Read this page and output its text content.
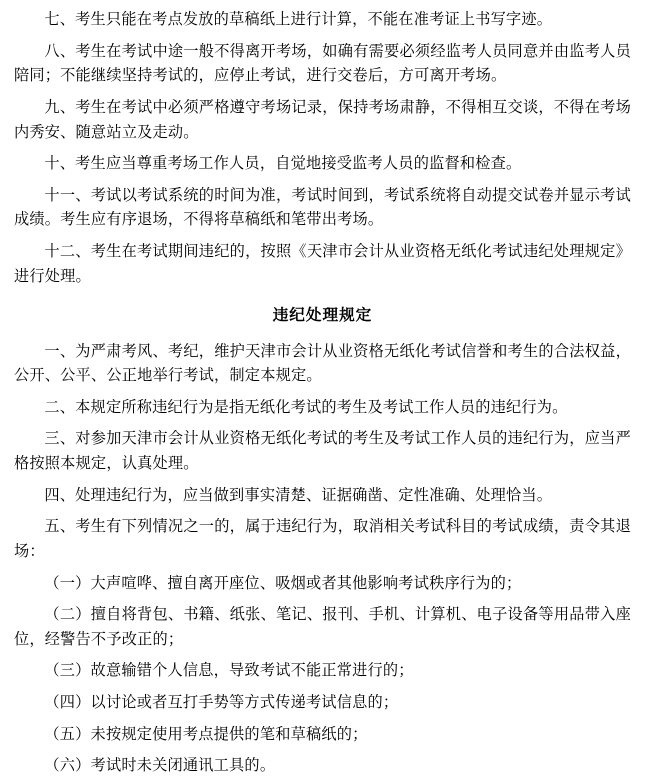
七、考生只能在考点发放的草稿纸上进行计算，不能在准考证上书写字迹。

八、考生在考试中途一般不得离开考场，如确有需要必须经监考人员同意并由监考人员陪同；不能继续坚持考试的，应停止考试，进行交卷后，方可离开考场。

九、考生在考试中必须严格遵守考场记录，保持考场肃静，不得相互交谈，不得在考场内秀安、随意站立及走动。

十、考生应当尊重考场工作人员，自觉地接受监考人员的监督和检查。

十一、考试以考试系统的时间为准，考试时间到，考试系统将自动提交试卷并显示考试成绩。考生应有序退场，不得将草稿纸和笔带出考场。

十二、考生在考试期间违纪的，按照《天津市会计从业资格无纸化考试违纪处理规定》进行处理。

违纪处理规定

一、为严肃考风、考纪，维护天津市会计从业资格无纸化考试信誉和考生的合法权益，公开、公平、公正地举行考试，制定本规定。

二、本规定所称违纪行为是指无纸化考试的考生及考试工作人员的违纪行为。

三、对参加天津市会计从业资格无纸化考试的考生及考试工作人员的违纪行为，应当严格按照本规定，认真处理。

四、处理违纪行为，应当做到事实清楚、证据确凿、定性准确、处理恰当。

五、考生有下列情况之一的，属于违纪行为，取消相关考试科目的考试成绩，责令其退场：

（一）大声喧哗、擅自离开座位、吸烟或者其他影响考试秩序行为的；

（二）擅自将背包、书籍、纸张、笔记、报刊、手机、计算机、电子设备等用品带入座位，经警告不予改正的；

（三）故意输错个人信息，导致考试不能正常进行的；

（四）以讨论或者互打手势等方式传递考试信息的；

（五）未按规定使用考点提供的笔和草稿纸的；

（六）考试时未关闭通讯工具的。
